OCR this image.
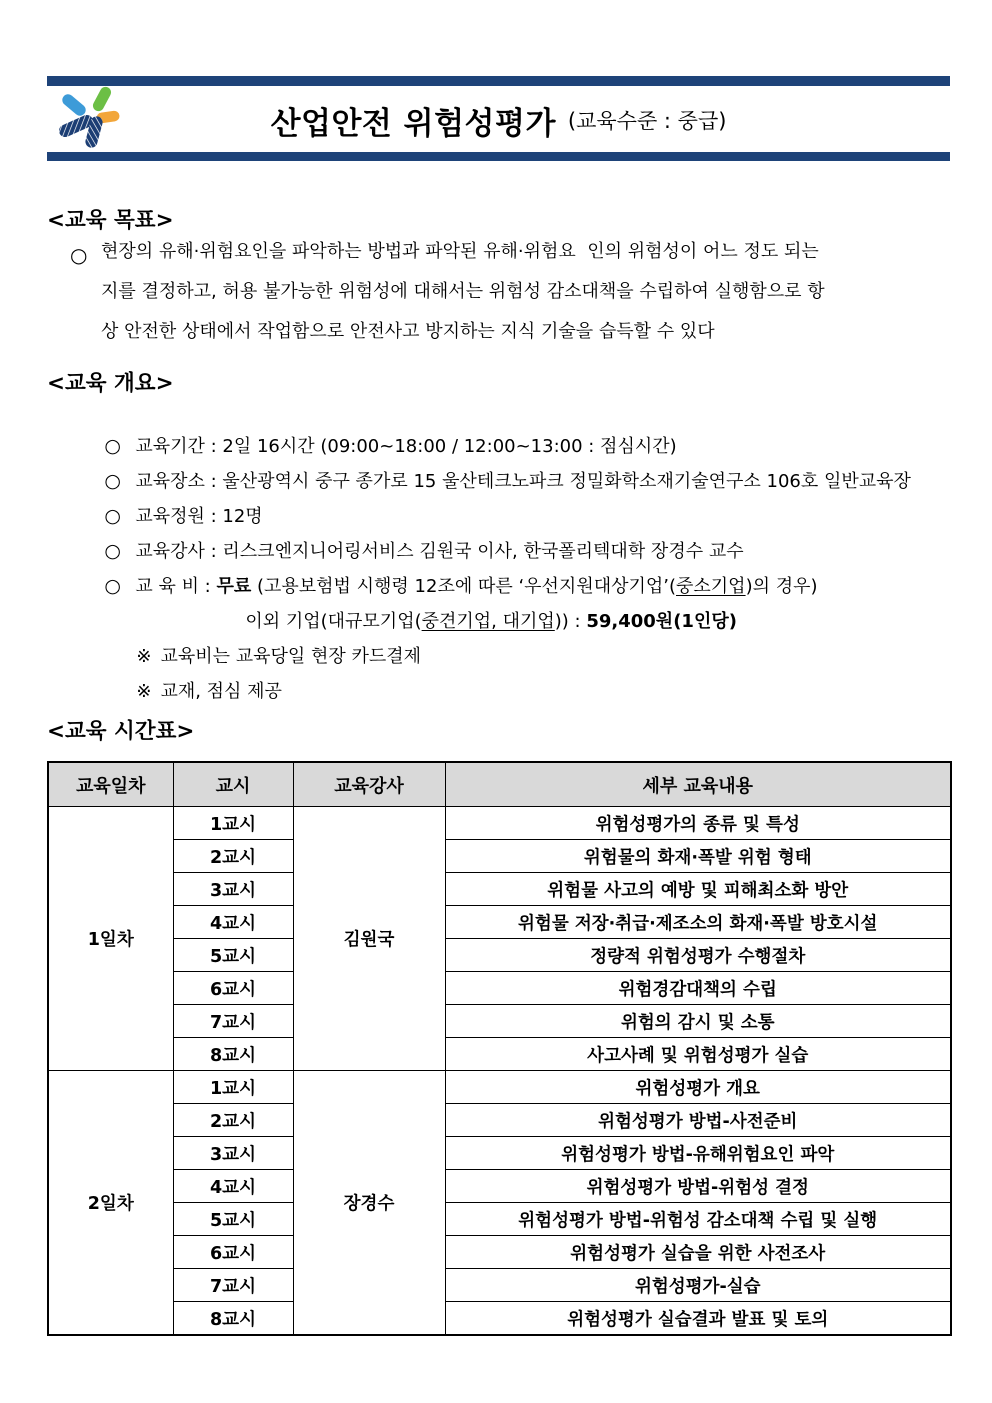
산업안전 위험성평가 (교육수준 : 중급)
<교육 목표>
○ 현장의 유해·위험요인을 파악하는 방법과 파악된 유해·위험요  인의 위험성이 어느 정도 되는
지를 결정하고, 허용 불가능한 위험성에 대해서는 위험성 감소대책을 수립하여 실행함으로 항
상 안전한 상태에서 작업함으로 안전사고 방지하는 지식 기술을 습득할 수 있다
<교육 개요>

○ 교육기간 : 2일 16시간 (09:00~18:00 / 12:00~13:00 : 점심시간)

○ 교육장소 : 울산광역시 중구 종가로 15 울산테크노파크 정밀화학소재기술연구소 106호 일반교육장

○ 교육정원 : 12명

○ 교육강사 : 리스크엔지니어링서비스 김원국 이사, 한국폴리텍대학 장경수 교수

○ 교 육 비 : 무료 (고용보험법 시행령 12조에 따른 ‘우선지원대상기업’(중소기업)의 경우)

이외 기업(대규모기업(중견기업, 대기업)) : 59,400원(1인당)

※ 교육비는 교육당일 현장 카드결제

※ 교재, 점심 제공

<교육 시간표>
교육일차	교시	교육강사	세부 교육내용
1일차	1교시	김원국	위험성평가의 종류 및 특성
	2교시		위험물의 화재·폭발 위험 형태
	3교시		위험물 사고의 예방 및 피해최소화 방안
	4교시		위험물 저장·취급·제조소의 화재·폭발 방호시설
	5교시		정량적 위험성평가 수행절차
	6교시		위험경감대책의 수립
	7교시		위험의 감시 및 소통
	8교시		사고사례 및 위험성평가 실습
2일차	1교시	장경수	위험성평가 개요
	2교시		위험성평가 방법-사전준비
	3교시		위험성평가 방법-유해위험요인 파악
	4교시		위험성평가 방법-위험성 결정
	5교시		위험성평가 방법-위험성 감소대책 수립 및 실행
	6교시		위험성평가 실습을 위한 사전조사
	7교시		위험성평가-실습
	8교시		위험성평가 실습결과 발표 및 토의
